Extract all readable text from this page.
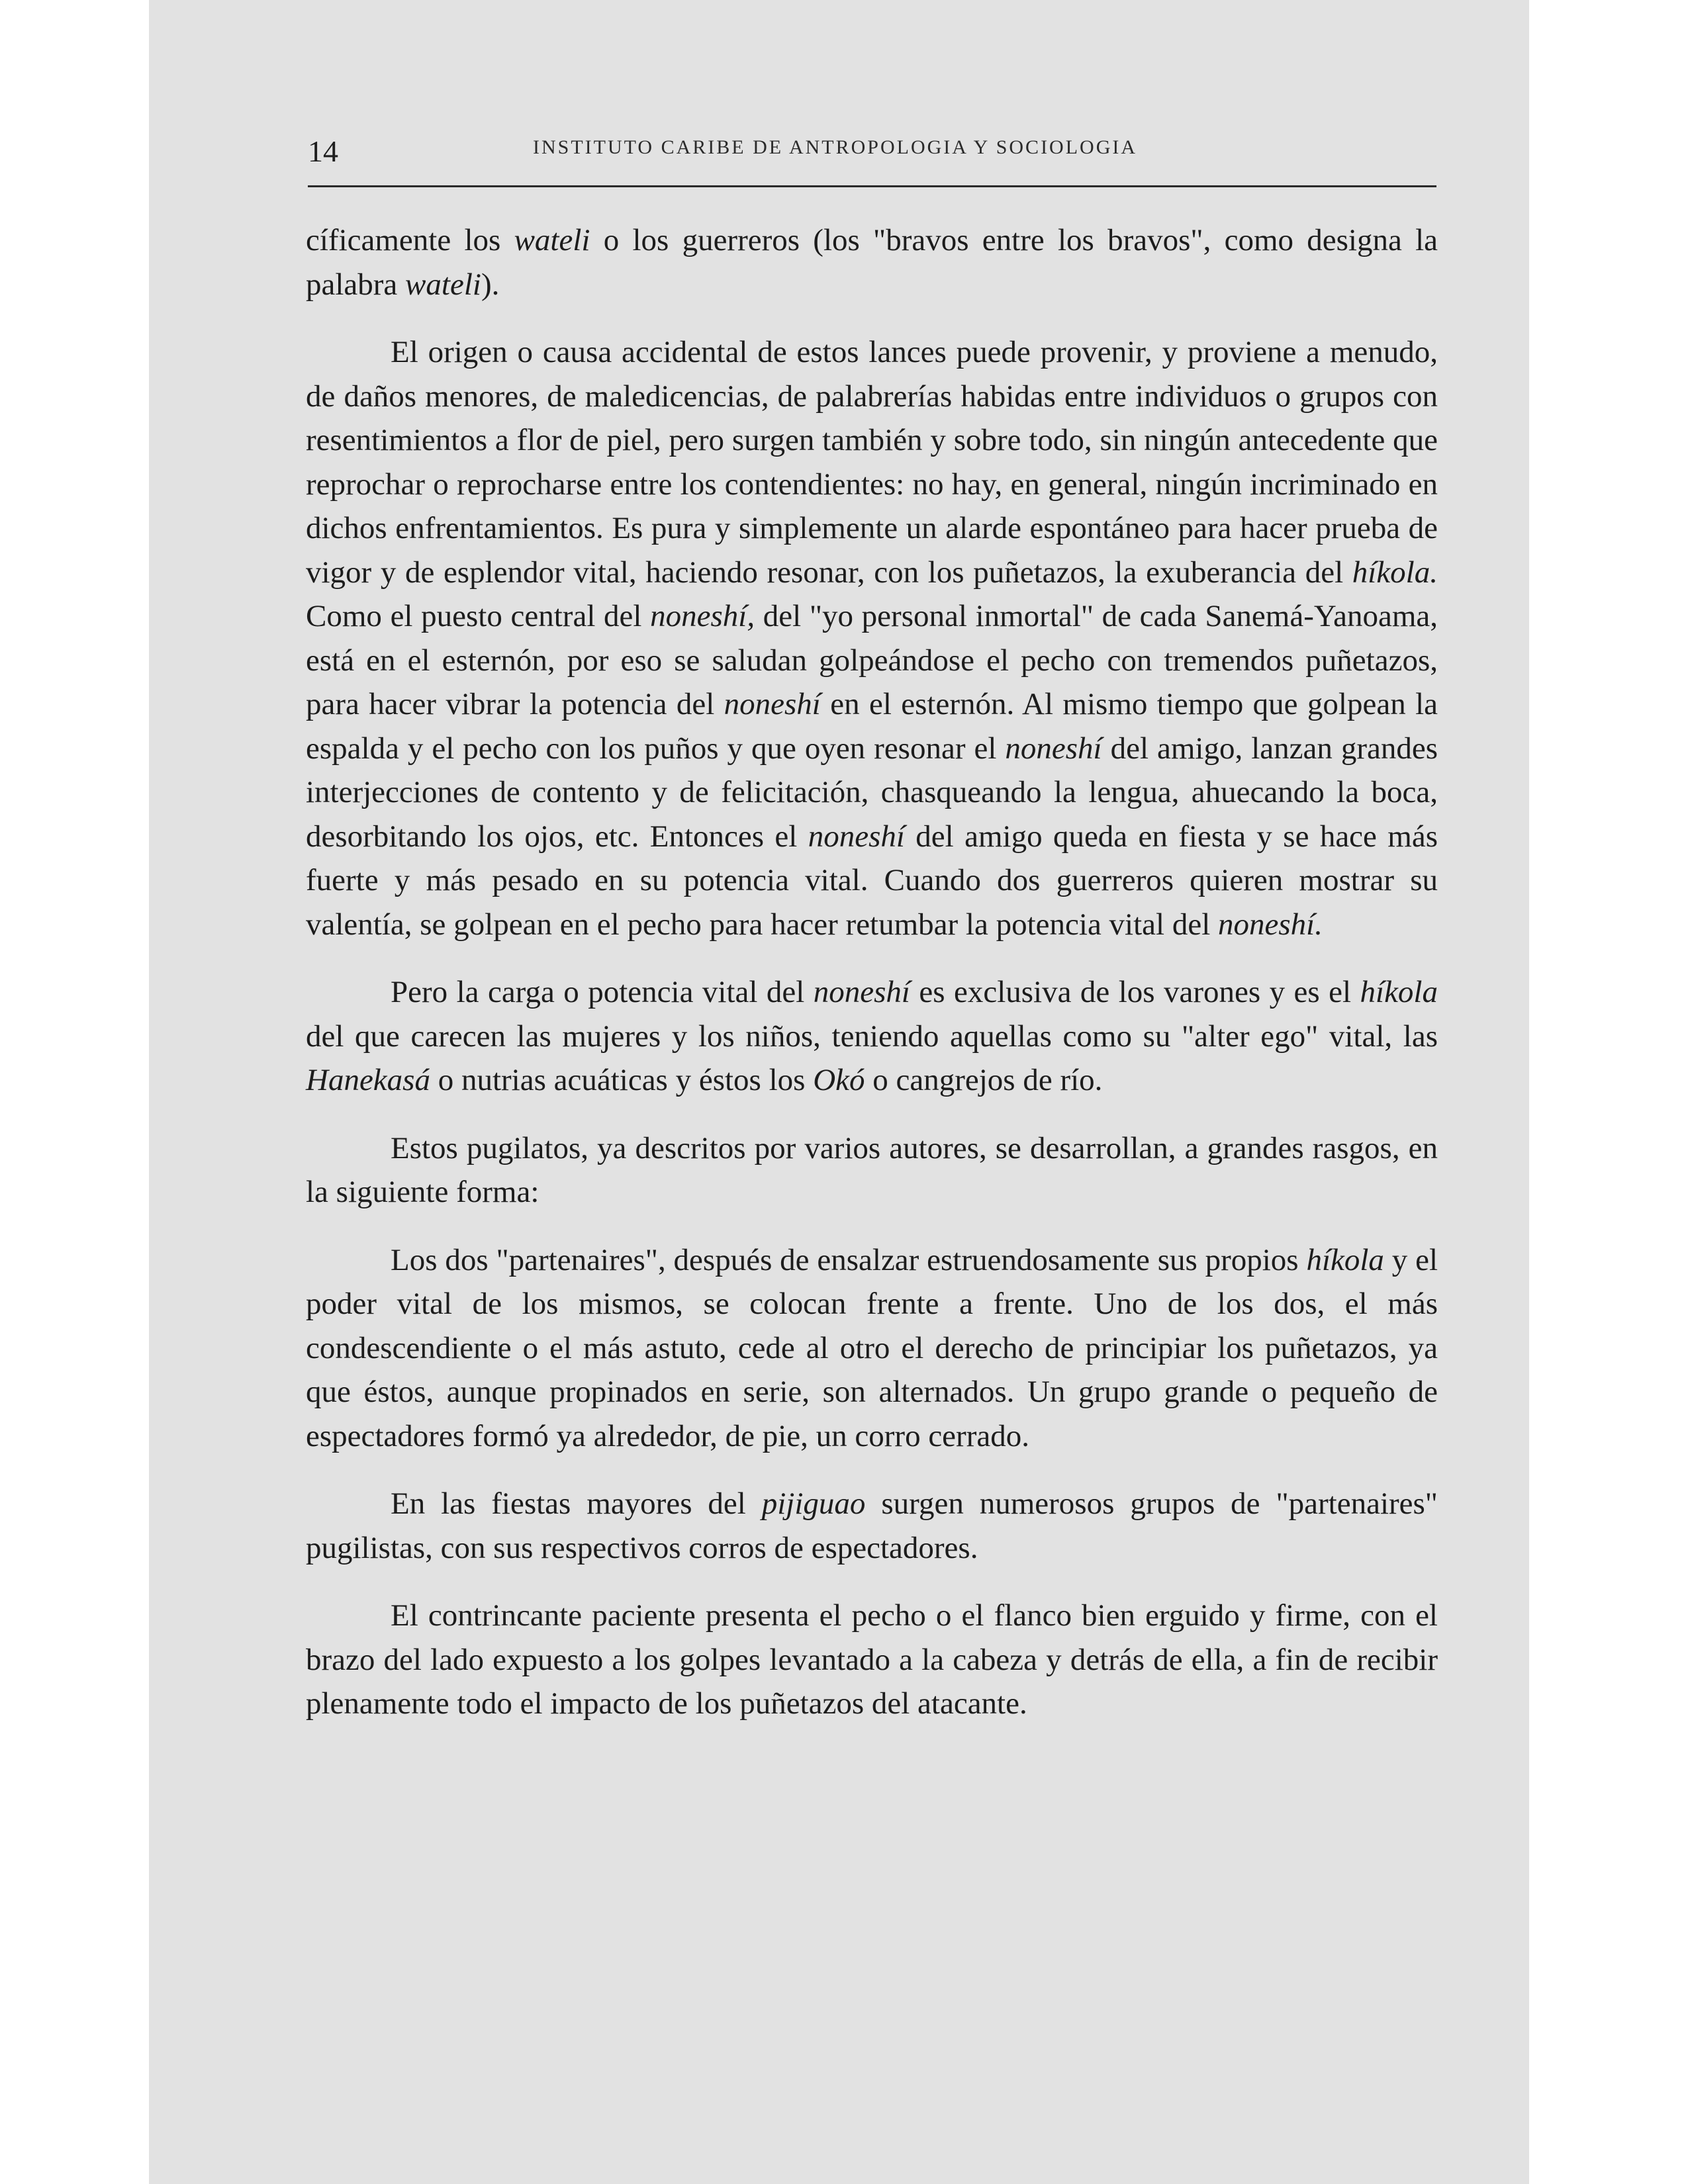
14	INSTITUTO CARIBE DE ANTROPOLOGIA Y SOCIOLOGIA

cíficamente los wateli o los guerreros (los "bravos entre los bravos", como designa la palabra wateli).

El origen o causa accidental de estos lances puede provenir, y proviene a menudo, de daños menores, de maledicencias, de palabrerías habidas entre individuos o grupos con resentimientos a flor de piel, pero surgen también y sobre todo, sin ningún antecedente que reprochar o reprocharse entre los contendientes: no hay, en general, ningún incriminado en dichos enfrentamientos. Es pura y simplemente un alarde espontáneo para hacer prueba de vigor y de esplendor vital, haciendo resonar, con los puñetazos, la exuberancia del híkola. Como el puesto central del noneshí, del "yo personal inmortal" de cada Sanemá-Yanoama, está en el esternón, por eso se saludan golpeándose el pecho con tremendos puñetazos, para hacer vibrar la potencia del noneshí en el esternón. Al mismo tiempo que golpean la espalda y el pecho con los puños y que oyen resonar el noneshí del amigo, lanzan grandes interjecciones de contento y de felicitación, chasqueando la lengua, ahuecando la boca, desorbitando los ojos, etc. Entonces el noneshí del amigo queda en fiesta y se hace más fuerte y más pesado en su potencia vital. Cuando dos guerreros quieren mostrar su valentía, se golpean en el pecho para hacer retumbar la potencia vital del noneshí.

Pero la carga o potencia vital del noneshí es exclusiva de los varones y es el híkola del que carecen las mujeres y los niños, teniendo aquellas como su "alter ego" vital, las Hanekasá o nutrias acuáticas y éstos los Okó o cangrejos de río.

Estos pugilatos, ya descritos por varios autores, se desarrollan, a grandes rasgos, en la siguiente forma:

Los dos "partenaires", después de ensalzar estruendosamente sus propios híkola y el poder vital de los mismos, se colocan frente a frente. Uno de los dos, el más condescendiente o el más astuto, cede al otro el derecho de principiar los puñetazos, ya que éstos, aunque propinados en serie, son alternados. Un grupo grande o pequeño de espectadores formó ya alrededor, de pie, un corro cerrado.

En las fiestas mayores del pijiguao surgen numerosos grupos de "partenaires" pugilistas, con sus respectivos corros de espectadores.

El contrincante paciente presenta el pecho o el flanco bien erguido y firme, con el brazo del lado expuesto a los golpes levantado a la cabeza y detrás de ella, a fin de recibir plenamente todo el impacto de los puñetazos del atacante.
